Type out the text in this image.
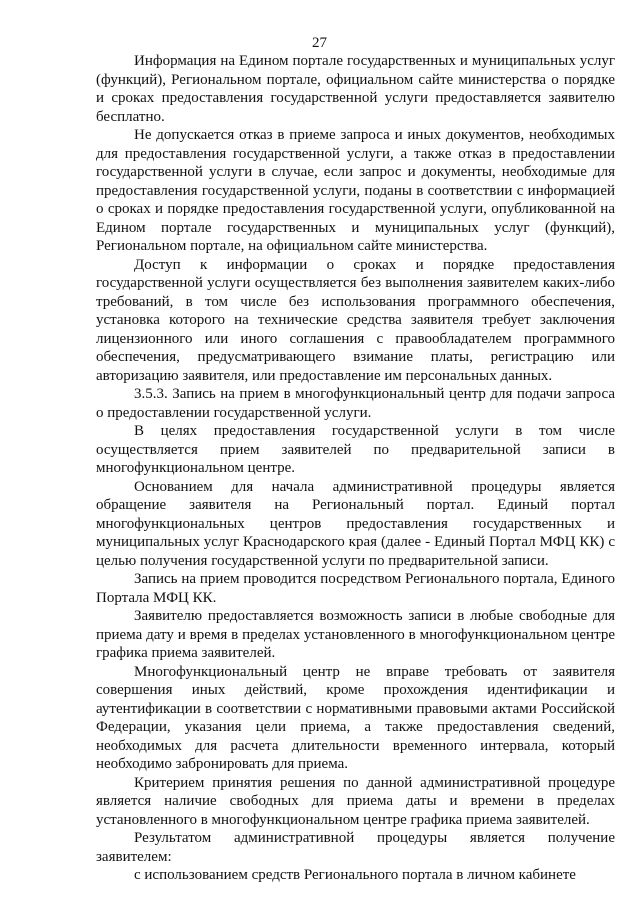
27

Информация на Едином портале государственных и муниципальных услуг (функций), Региональном портале, официальном сайте министерства о порядке и сроках предоставления государственной услуги предоставляется заявителю бесплатно.

Не допускается отказ в приеме запроса и иных документов, необходимых для предоставления государственной услуги, а также отказ в предоставлении государственной услуги в случае, если запрос и документы, необходимые для предоставления государственной услуги, поданы в соответствии с информацией о сроках и порядке предоставления государственной услуги, опубликованной на Едином портале государственных и муниципальных услуг (функций), Региональном портале, на официальном сайте министерства.

Доступ к информации о сроках и порядке предоставления государственной услуги осуществляется без выполнения заявителем каких-либо требований, в том числе без использования программного обеспечения, установка которого на технические средства заявителя требует заключения лицензионного или иного соглашения с правообладателем программного обеспечения, предусматривающего взимание платы, регистрацию или авторизацию заявителя, или предоставление им персональных данных.

3.5.3. Запись на прием в многофункциональный центр для подачи запроса о предоставлении государственной услуги.

В целях предоставления государственной услуги в том числе осуществляется прием заявителей по предварительной записи в многофункциональном центре.

Основанием для начала административной процедуры является обращение заявителя на Региональный портал. Единый портал многофункциональных центров предоставления государственных и муниципальных услуг Краснодарского края (далее - Единый Портал МФЦ КК) с целью получения государственной услуги по предварительной записи.

Запись на прием проводится посредством Регионального портала, Единого Портала МФЦ КК.

Заявителю предоставляется возможность записи в любые свободные для приема дату и время в пределах установленного в многофункциональном центре графика приема заявителей.

Многофункциональный центр не вправе требовать от заявителя совершения иных действий, кроме прохождения идентификации и аутентификации в соответствии с нормативными правовыми актами Российской Федерации, указания цели приема, а также предоставления сведений, необходимых для расчета длительности временного интервала, который необходимо забронировать для приема.

Критерием принятия решения по данной административной процедуре является наличие свободных для приема даты и времени в пределах установленного в многофункциональном центре графика приема заявителей.

Результатом административной процедуры является получение заявителем:

с использованием средств Регионального портала в личном кабинете
